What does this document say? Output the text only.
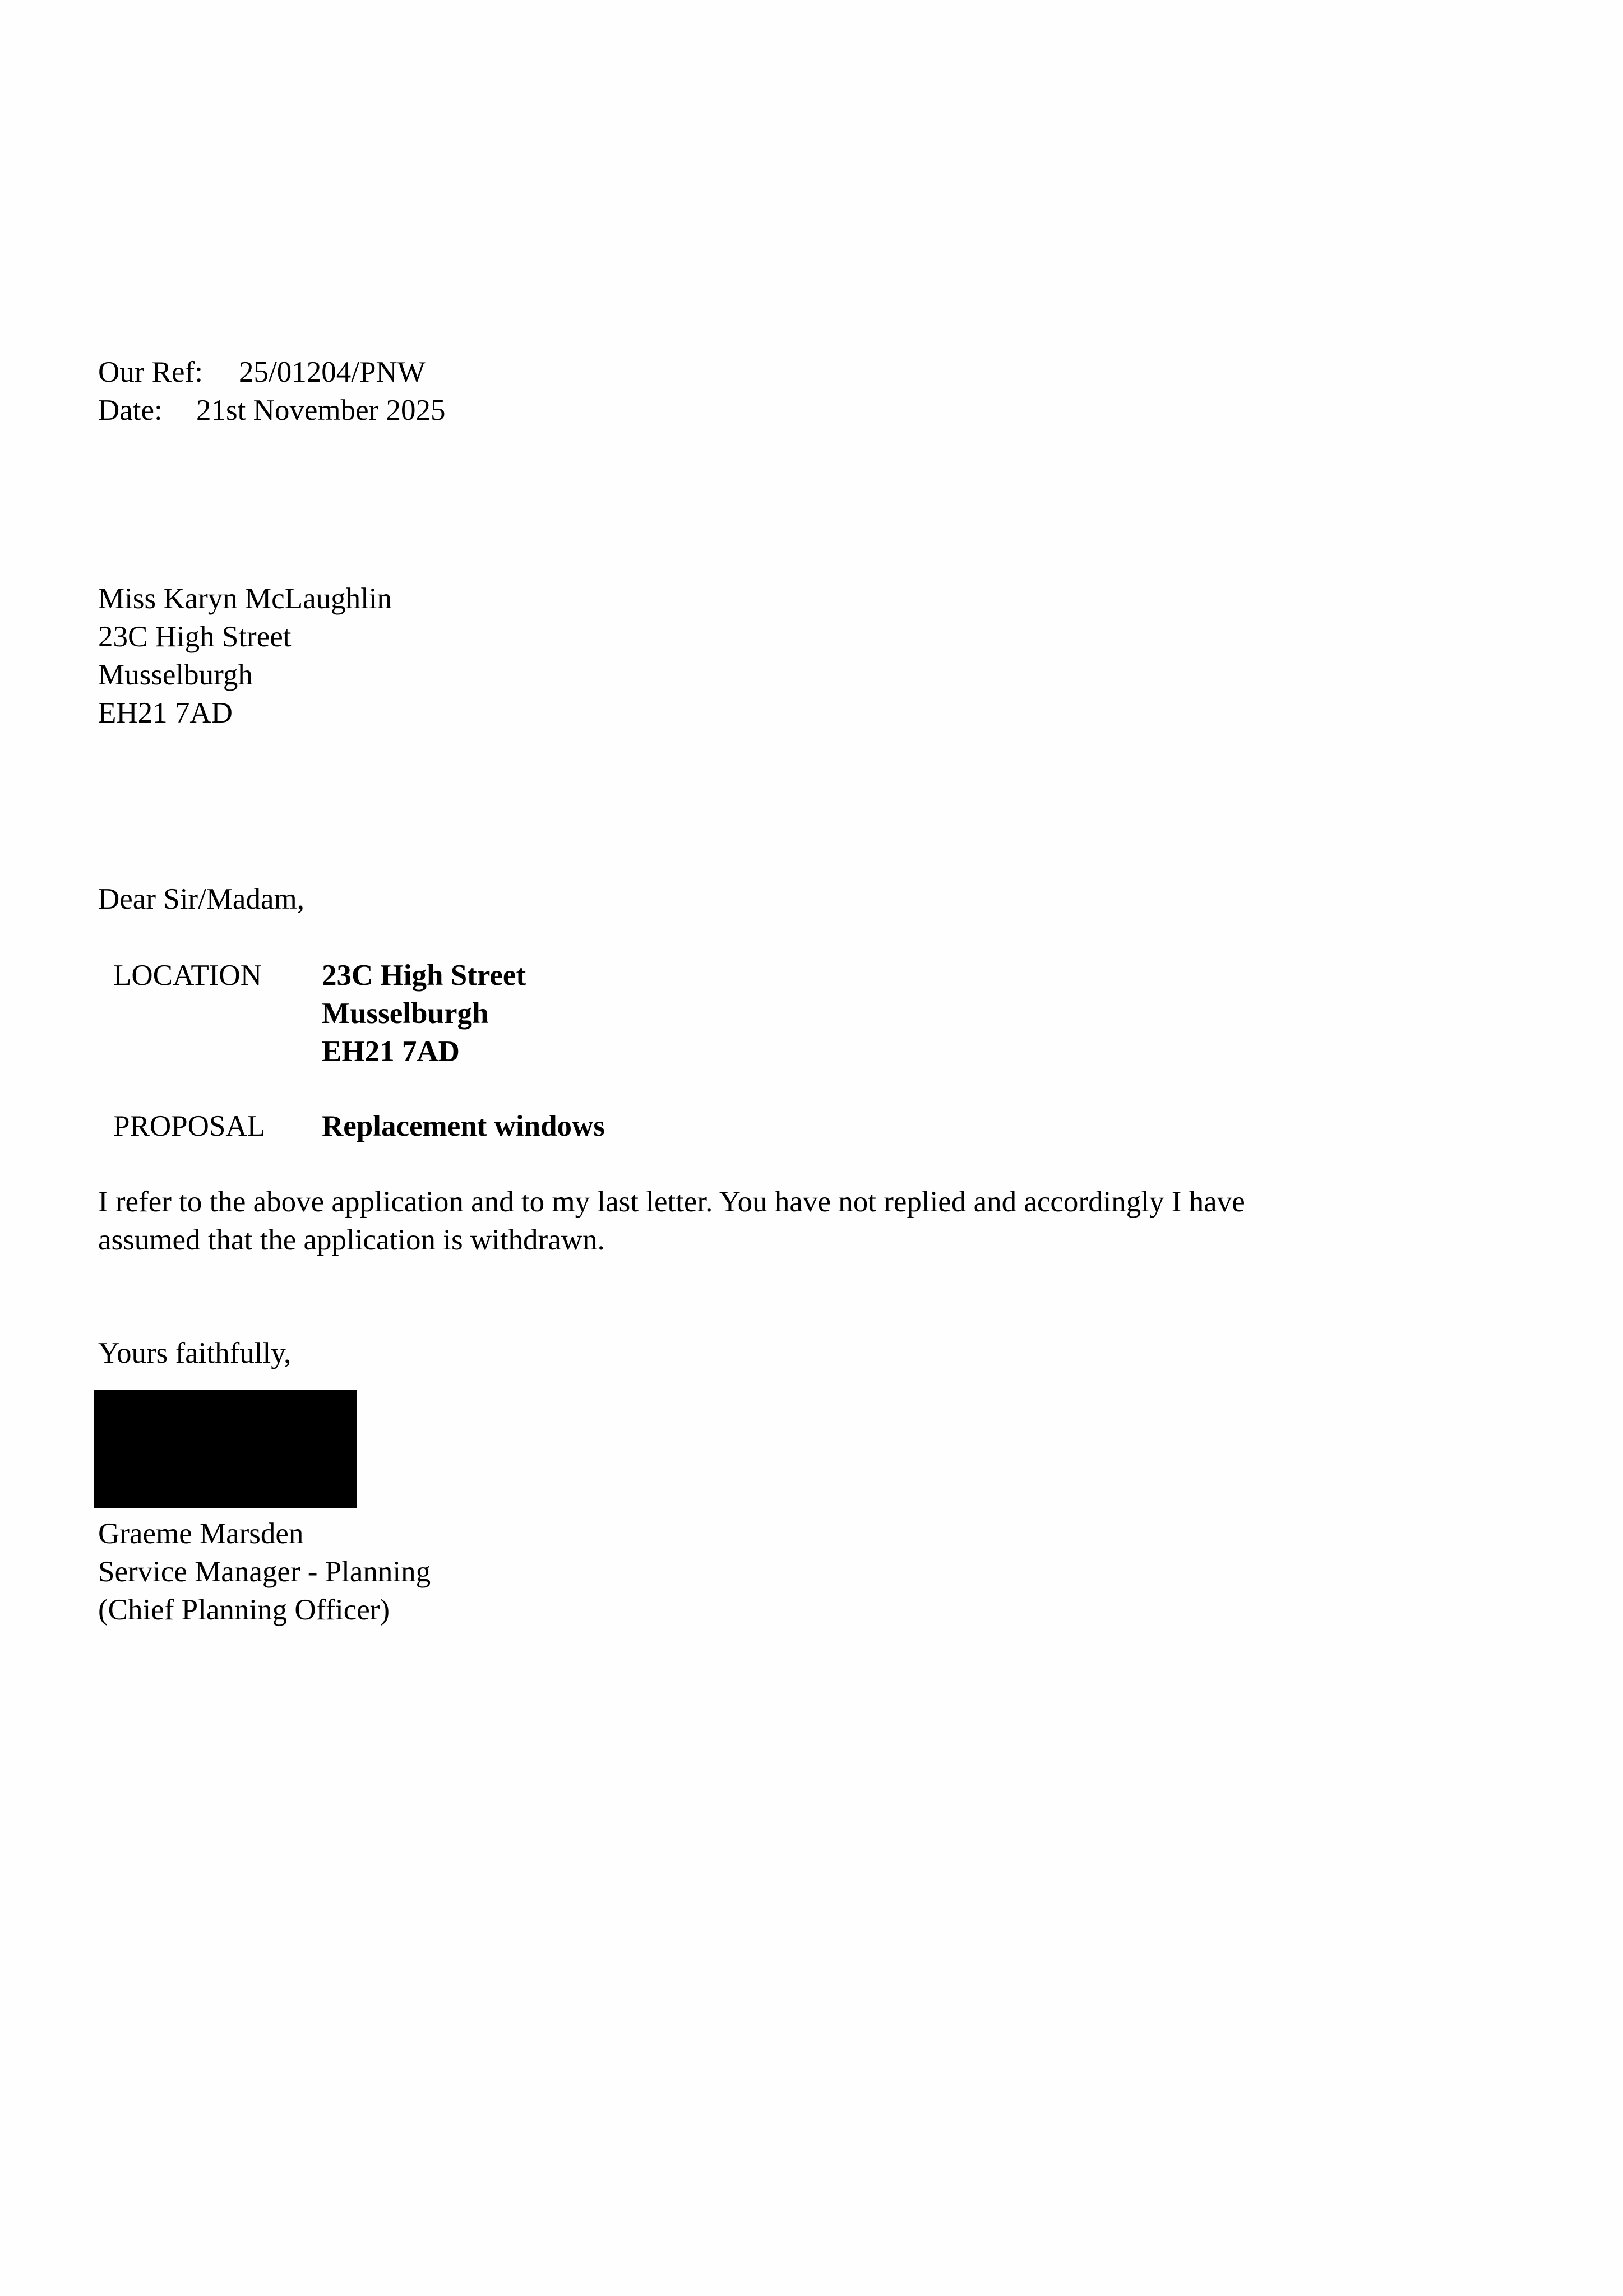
Our Ref: 25/01204/PNW
Date: 21st November 2025
Miss Karyn McLaughlin
23C High Street
Musselburgh
EH21 7AD
Dear Sir/Madam,
LOCATION	23C High Street
Musselburgh
EH21 7AD
PROPOSAL	Replacement windows
I refer to the above application and to my last letter. You have not replied and accordingly I have
assumed that the application is withdrawn.
Yours faithfully,
Graeme Marsden
Service Manager - Planning
(Chief Planning Officer)
